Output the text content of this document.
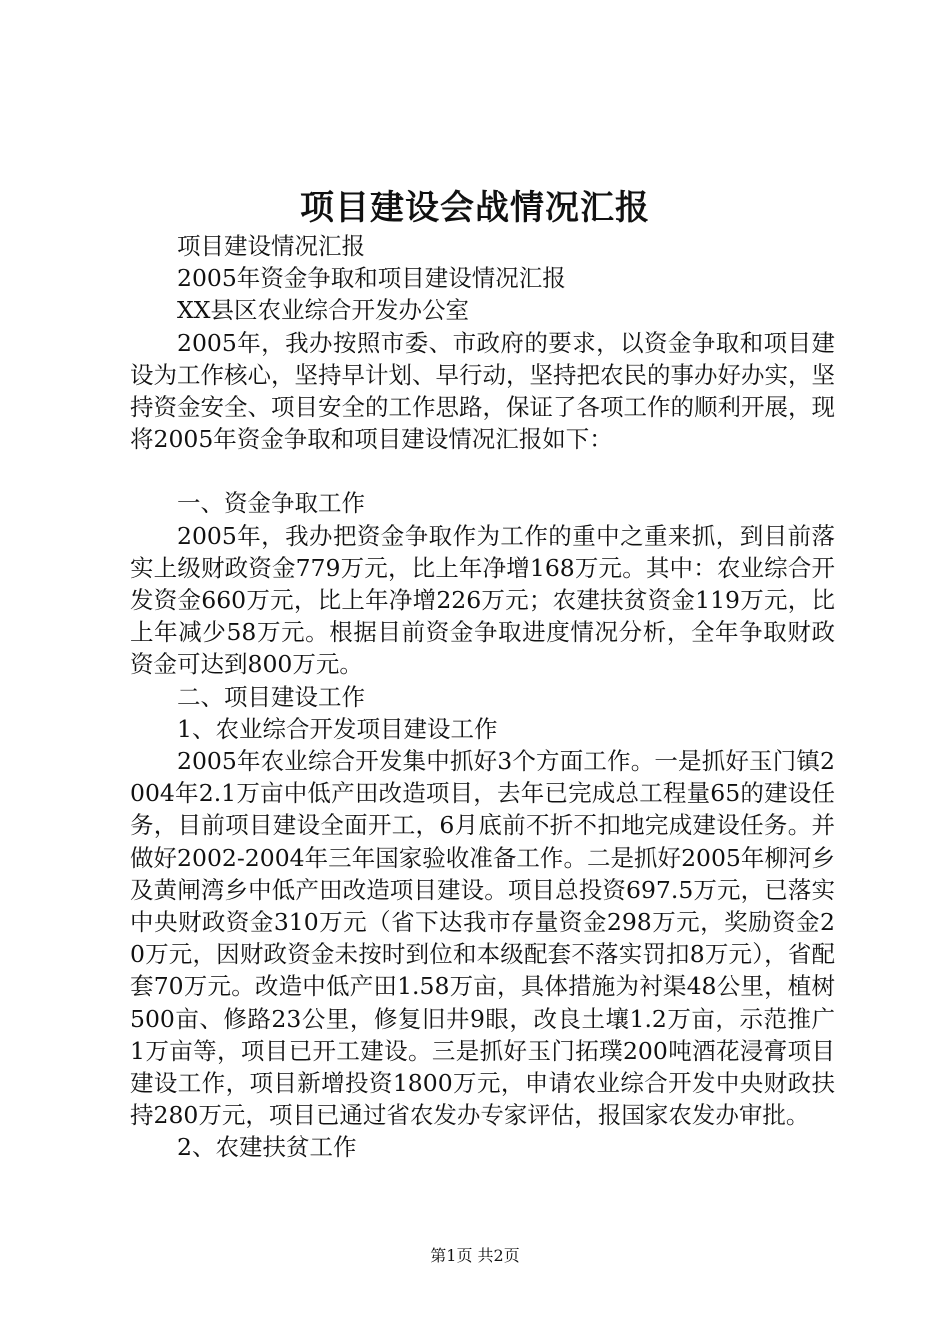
项目建设会战情况汇报

项目建设情况汇报

2005年资金争取和项目建设情况汇报

XX县区农业综合开发办公室

2005年，我办按照市委、市政府的要求，以资金争取和项目建设为工作核心，坚持早计划、早行动，坚持把农民的事办好办实，坚持资金安全、项目安全的工作思路，保证了各项工作的顺利开展，现将2005年资金争取和项目建设情况汇报如下：

一、资金争取工作

2005年，我办把资金争取作为工作的重中之重来抓，到目前落实上级财政资金779万元，比上年净增168万元。其中：农业综合开发资金660万元，比上年净增226万元；农建扶贫资金119万元，比上年减少58万元。根据目前资金争取进度情况分析，全年争取财政资金可达到800万元。

二、项目建设工作

1、农业综合开发项目建设工作

2005年农业综合开发集中抓好3个方面工作。一是抓好玉门镇2004年2.1万亩中低产田改造项目，去年已完成总工程量65的建设任务，目前项目建设全面开工，6月底前不折不扣地完成建设任务。并做好2002-2004年三年国家验收准备工作。二是抓好2005年柳河乡及黄闸湾乡中低产田改造项目建设。项目总投资697.5万元，已落实中央财政资金310万元（省下达我市存量资金298万元，奖励资金20万元，因财政资金未按时到位和本级配套不落实罚扣8万元），省配套70万元。改造中低产田1.58万亩，具体措施为衬渠48公里，植树500亩、修路23公里，修复旧井9眼，改良土壤1.2万亩，示范推广1万亩等，项目已开工建设。三是抓好玉门拓璞200吨酒花浸膏项目建设工作，项目新增投资1800万元，申请农业综合开发中央财政扶持280万元，项目已通过省农发办专家评估，报国家农发办审批。

2、农建扶贫工作

第1页 共2页
